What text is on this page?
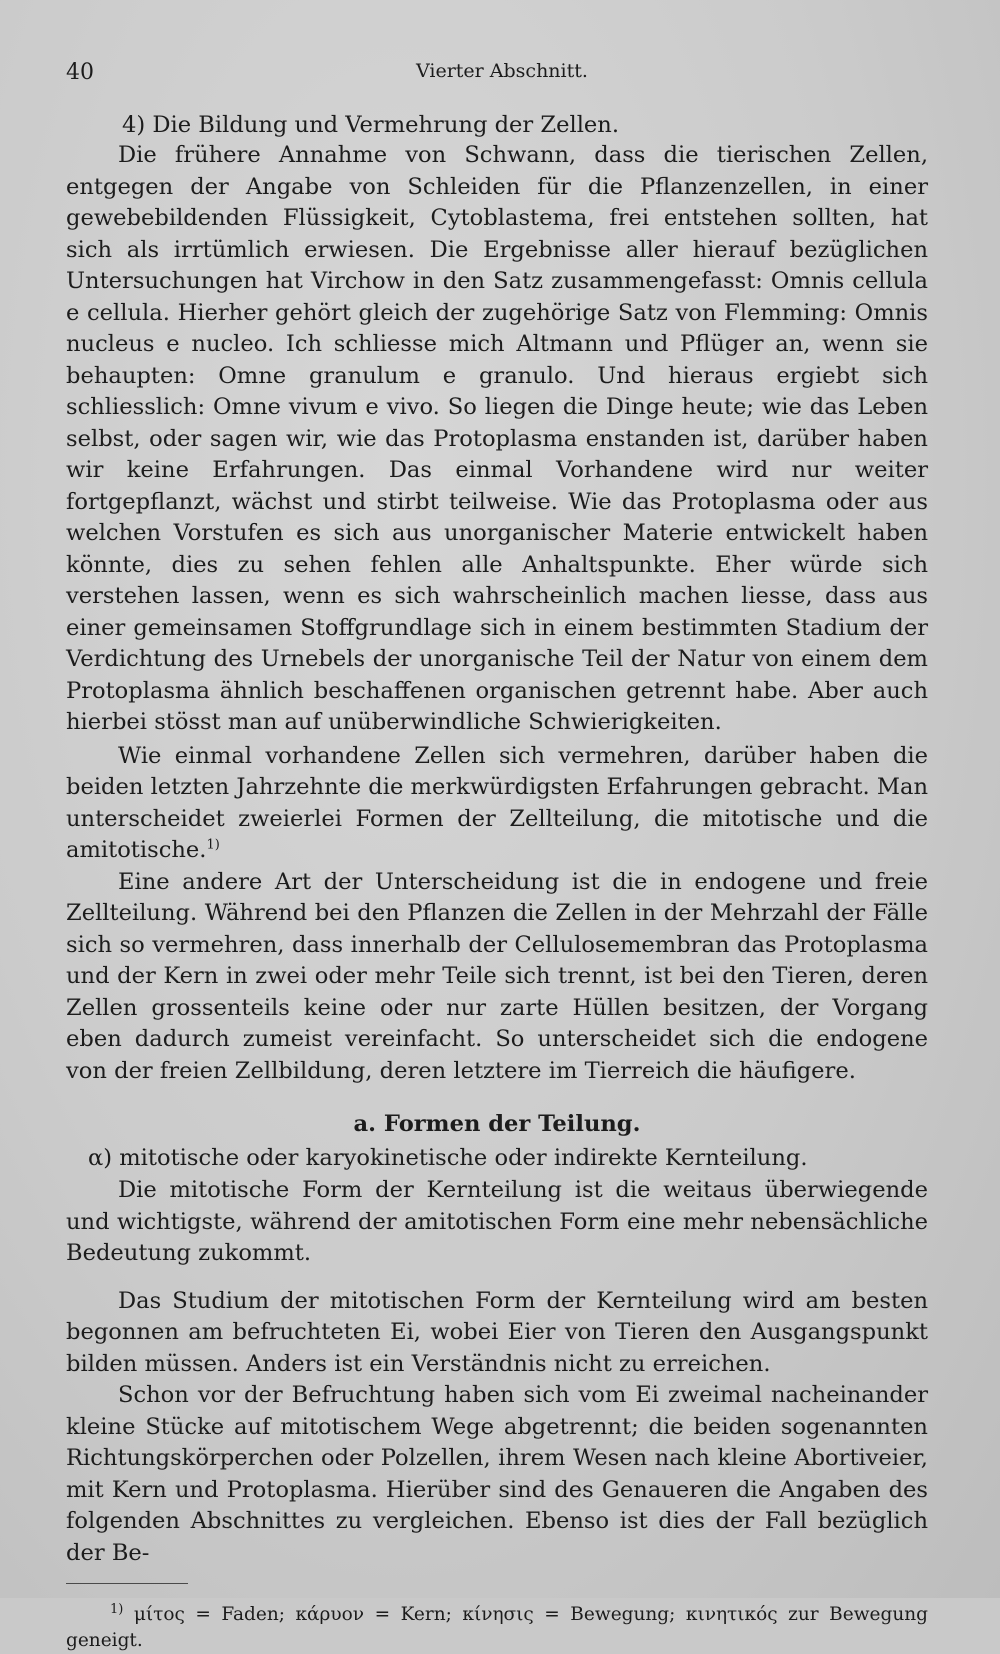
40	Vierter Abschnitt.
4) Die Bildung und Vermehrung der Zellen.

Die frühere Annahme von Schwann, dass die tierischen Zellen, entgegen der Angabe von Schleiden für die Pflanzenzellen, in einer gewebebildenden Flüssigkeit, Cytoblastema, frei entstehen sollten, hat sich als irrtümlich erwiesen. Die Ergebnisse aller hierauf bezüglichen Untersuchungen hat Virchow in den Satz zusammengefasst: Omnis cellula e cellula. Hierher gehört gleich der zugehörige Satz von Flemming: Omnis nucleus e nucleo. Ich schliesse mich Altmann und Pflüger an, wenn sie behaupten: Omne granulum e granulo. Und hieraus ergiebt sich schliesslich: Omne vivum e vivo. So liegen die Dinge heute; wie das Leben selbst, oder sagen wir, wie das Protoplasma enstanden ist, darüber haben wir keine Erfahrungen. Das einmal Vorhandene wird nur weiter fortgepflanzt, wächst und stirbt teilweise. Wie das Protoplasma oder aus welchen Vorstufen es sich aus unorganischer Materie entwickelt haben könnte, dies zu sehen fehlen alle Anhaltspunkte. Eher würde sich verstehen lassen, wenn es sich wahrscheinlich machen liesse, dass aus einer gemeinsamen Stoffgrundlage sich in einem bestimmten Stadium der Verdichtung des Urnebels der unorganische Teil der Natur von einem dem Protoplasma ähnlich beschaffenen organischen getrennt habe. Aber auch hierbei stösst man auf unüberwindliche Schwierigkeiten.

Wie einmal vorhandene Zellen sich vermehren, darüber haben die beiden letzten Jahrzehnte die merkwürdigsten Erfahrungen gebracht. Man unterscheidet zweierlei Formen der Zellteilung, die mitotische und die amitotische.$^{1)}$

Eine andere Art der Unterscheidung ist die in endogene und freie Zellteilung. Während bei den Pflanzen die Zellen in der Mehrzahl der Fälle sich so vermehren, dass innerhalb der Cellulosemembran das Protoplasma und der Kern in zwei oder mehr Teile sich trennt, ist bei den Tieren, deren Zellen grossenteils keine oder nur zarte Hüllen besitzen, der Vorgang eben dadurch zumeist vereinfacht. So unterscheidet sich die endogene von der freien Zellbildung, deren letztere im Tierreich die häufigere.

a. Formen der Teilung.
α) mitotische oder karyokinetische oder indirekte Kernteilung.

Die mitotische Form der Kernteilung ist die weitaus überwiegende und wichtigste, während der amitotischen Form eine mehr nebensächliche Bedeutung zukommt.

Das Studium der mitotischen Form der Kernteilung wird am besten begonnen am befruchteten Ei, wobei Eier von Tieren den Ausgangspunkt bilden müssen. Anders ist ein Verständnis nicht zu erreichen.

Schon vor der Befruchtung haben sich vom Ei zweimal nacheinander kleine Stücke auf mitotischem Wege abgetrennt; die beiden sogenannten Richtungskörperchen oder Polzellen, ihrem Wesen nach kleine Abortiveier, mit Kern und Protoplasma. Hierüber sind des Genaueren die Angaben des folgenden Abschnittes zu vergleichen. Ebenso ist dies der Fall bezüglich der Be-

$^{1)}$ μίτος = Faden; κάρυον = Kern; κίνησις = Bewegung; κινητικός zur Bewegung geneigt.
